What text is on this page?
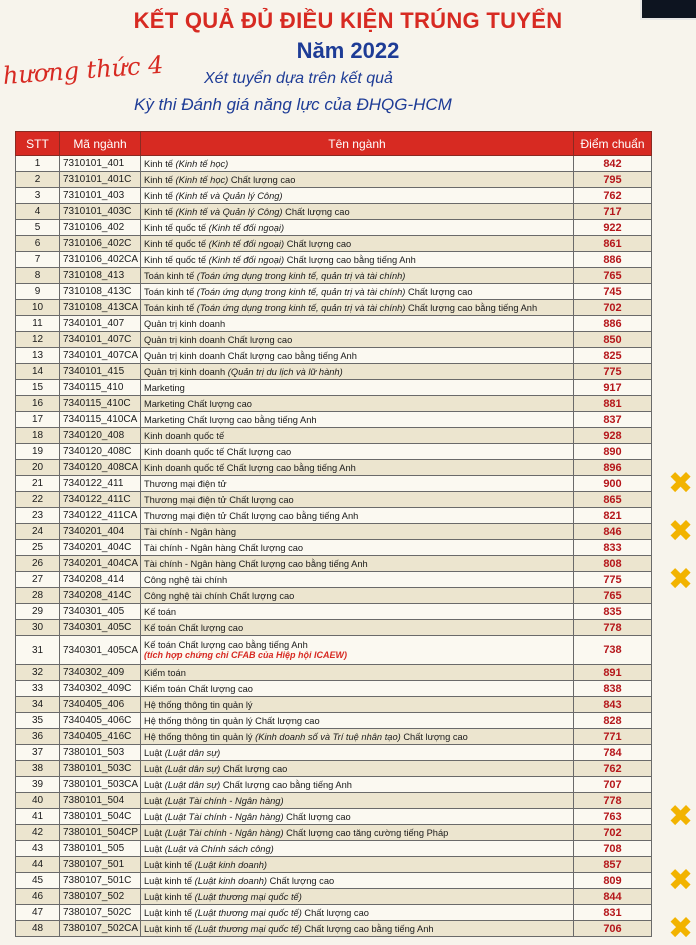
KẾT QUẢ ĐỦ ĐIỀU KIỆN TRÚNG TUYỂN
Năm 2022
hương thức 4 Xét tuyển dựa trên kết quả
Kỳ thi Đánh giá năng lực của ĐHQG-HCM
STT	Mã ngành	Tên ngành	Điểm chuẩn
1	7310101_401	Kinh tế (Kinh tế học)	842
2	7310101_401C	Kinh tế (Kinh tế học) Chất lượng cao	795
3	7310101_403	Kinh tế (Kinh tế và Quản lý Công)	762
4	7310101_403C	Kinh tế (Kinh tế và Quản lý Công) Chất lượng cao	717
5	7310106_402	Kinh tế quốc tế (Kinh tế đối ngoại)	922
6	7310106_402C	Kinh tế quốc tế (Kinh tế đối ngoại) Chất lượng cao	861
7	7310106_402CA	Kinh tế quốc tế (Kinh tế đối ngoại) Chất lượng cao bằng tiếng Anh	886
8	7310108_413	Toán kinh tế (Toán ứng dụng trong kinh tế, quản trị và tài chính)	765
9	7310108_413C	Toán kinh tế (Toán ứng dụng trong kinh tế, quản trị và tài chính) Chất lượng cao	745
10	7310108_413CA	Toán kinh tế (Toán ứng dụng trong kinh tế, quản trị và tài chính) Chất lượng cao bằng tiếng Anh	702
11	7340101_407	Quản trị kinh doanh	886
12	7340101_407C	Quản trị kinh doanh Chất lượng cao	850
13	7340101_407CA	Quản trị kinh doanh Chất lượng cao bằng tiếng Anh	825
14	7340101_415	Quản trị kinh doanh (Quản trị du lịch và lữ hành)	775
15	7340115_410	Marketing	917
16	7340115_410C	Marketing Chất lượng cao	881
17	7340115_410CA	Marketing Chất lượng cao bằng tiếng Anh	837
18	7340120_408	Kinh doanh quốc tế	928
19	7340120_408C	Kinh doanh quốc tế Chất lượng cao	890
20	7340120_408CA	Kinh doanh quốc tế Chất lượng cao bằng tiếng Anh	896
21	7340122_411	Thương mại điện tử	900
22	7340122_411C	Thương mại điện tử Chất lượng cao	865
23	7340122_411CA	Thương mại điện tử Chất lượng cao bằng tiếng Anh	821
24	7340201_404	Tài chính - Ngân hàng	846
25	7340201_404C	Tài chính - Ngân hàng Chất lượng cao	833
26	7340201_404CA	Tài chính - Ngân hàng Chất lượng cao bằng tiếng Anh	808
27	7340208_414	Công nghệ tài chính	775
28	7340208_414C	Công nghệ tài chính Chất lượng cao	765
29	7340301_405	Kế toán	835
30	7340301_405C	Kế toán Chất lượng cao	778
31	7340301_405CA	Kế toán Chất lượng cao bằng tiếng Anh
(tích hợp chứng chỉ CFAB của Hiệp hội ICAEW)	738
32	7340302_409	Kiểm toán	891
33	7340302_409C	Kiểm toán Chất lượng cao	838
34	7340405_406	Hệ thống thông tin quản lý	843
35	7340405_406C	Hệ thống thông tin quản lý Chất lượng cao	828
36	7340405_416C	Hệ thống thông tin quản lý (Kinh doanh số và Trí tuệ nhân tạo) Chất lượng cao	771
37	7380101_503	Luật (Luật dân sự)	784
38	7380101_503C	Luật (Luật dân sự) Chất lượng cao	762
39	7380101_503CA	Luật (Luật dân sự) Chất lượng cao bằng tiếng Anh	707
40	7380101_504	Luật (Luật Tài chính - Ngân hàng)	778
41	7380101_504C	Luật (Luật Tài chính - Ngân hàng) Chất lượng cao	763
42	7380101_504CP	Luật (Luật Tài chính - Ngân hàng) Chất lượng cao tăng cường tiếng Pháp	702
43	7380101_505	Luật (Luật và Chính sách công)	708
44	7380107_501	Luật kinh tế (Luật kinh doanh)	857
45	7380107_501C	Luật kinh tế (Luật kinh doanh) Chất lượng cao	809
46	7380107_502	Luật kinh tế (Luật thương mại quốc tế)	844
47	7380107_502C	Luật kinh tế (Luật thương mại quốc tế) Chất lượng cao	831
48	7380107_502CA	Luật kinh tế (Luật thương mại quốc tế) Chất lượng cao bằng tiếng Anh	706
✖
✖
✖
✖
✖
✖
